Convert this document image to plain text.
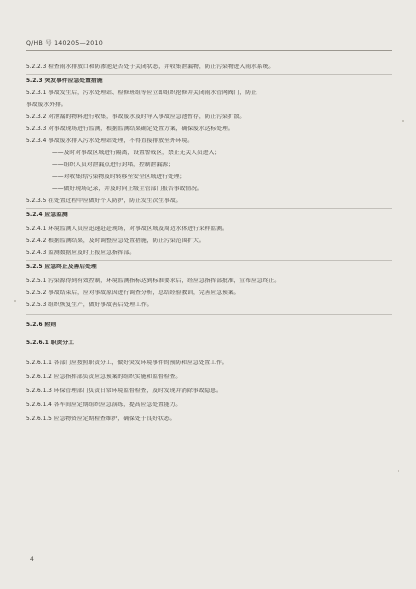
Q/HB 号 140205—2010
5.2.2.3 检查雨水排放口和防渗池是否处于关闭状态，并收集泄漏物，防止污染物进入雨水系统。
5.2.3 突发事件应急处置措施
5.2.3.1 事故发生后，污水处理站、检修班组等应立即组织抢修并关闭雨水管网阀门，防止
事故废水外排。
5.2.3.2 对泄漏的物料进行收集，事故废水及时导入事故应急池暂存，防止污染扩散。
5.2.3.3 对事故现场进行监测，根据监测结果确定处置方案，确保废水达标处理。
5.2.3.4 事故废水排入污水处理站处理，不得直接排放至外环境。
——及时对事故区域进行隔离，设置警戒区，禁止无关人员进入；
——组织人员对泄漏点进行封堵，控制泄漏源；
——对收集的污染物及时转移至安全区域进行处理；
——做好现场记录，并及时向上级主管部门报告事故情况。
5.2.3.5 在处置过程中应做好个人防护，防止发生次生事故。
5.2.4 应急监测
5.2.4.1 环境监测人员应迅速赶赴现场，对事故区域及周边水体进行采样监测。
5.2.4.2 根据监测结果，及时调整应急处置措施，防止污染范围扩大。
5.2.4.3 监测数据应及时上报应急指挥部。
5.2.5 应急终止及善后处理
5.2.5.1 污染源得到有效控制，环境监测指标达到标准要求后，经应急指挥部批准，宣布应急终止。
5.2.5.2 事故结束后，应对事故原因进行调查分析，总结经验教训，完善应急预案。
5.2.5.3 组织恢复生产，做好事故善后处理工作。
5.2.6 附则
5.2.6.1 职责分工
5.2.6.1.1 各部门应按照职责分工，做好突发环境事件的预防和应急处置工作。
5.2.6.1.2 应急指挥部负责应急预案的组织实施和监督检查。
5.2.6.1.3 环保管理部门负责日常环境监督检查，及时发现并消除事故隐患。
5.2.6.1.4 各车间应定期组织应急演练，提高应急处置能力。
5.2.6.1.5 应急物资应定期检查维护，确保处于良好状态。
4
